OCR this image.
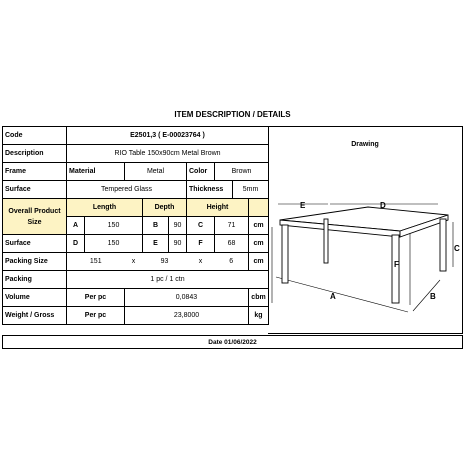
ITEM DESCRIPTION / DETAILS
Code	E2501,3 ( E-00023764 )								
Description	RIO Table 150x90cm Metal Brown								
Frame	Material		Metal			Color	Brown		
Surface	Tempered Glass					Thickness		5mm	
Overall Product Size	Length			Depth		Height			
	A	150		B	90	C	71		cm
Surface	D	150		E	90	F	68		cm
Packing Size	151		x	93		x	6		cm
Packing	1 pc / 1 ctn								
Volume	Per pc		0,0843						cbm
Weight / Gross	Per pc		23,8000						kg
Drawing
E	D
C
F
A	B
Date 01/06/2022
